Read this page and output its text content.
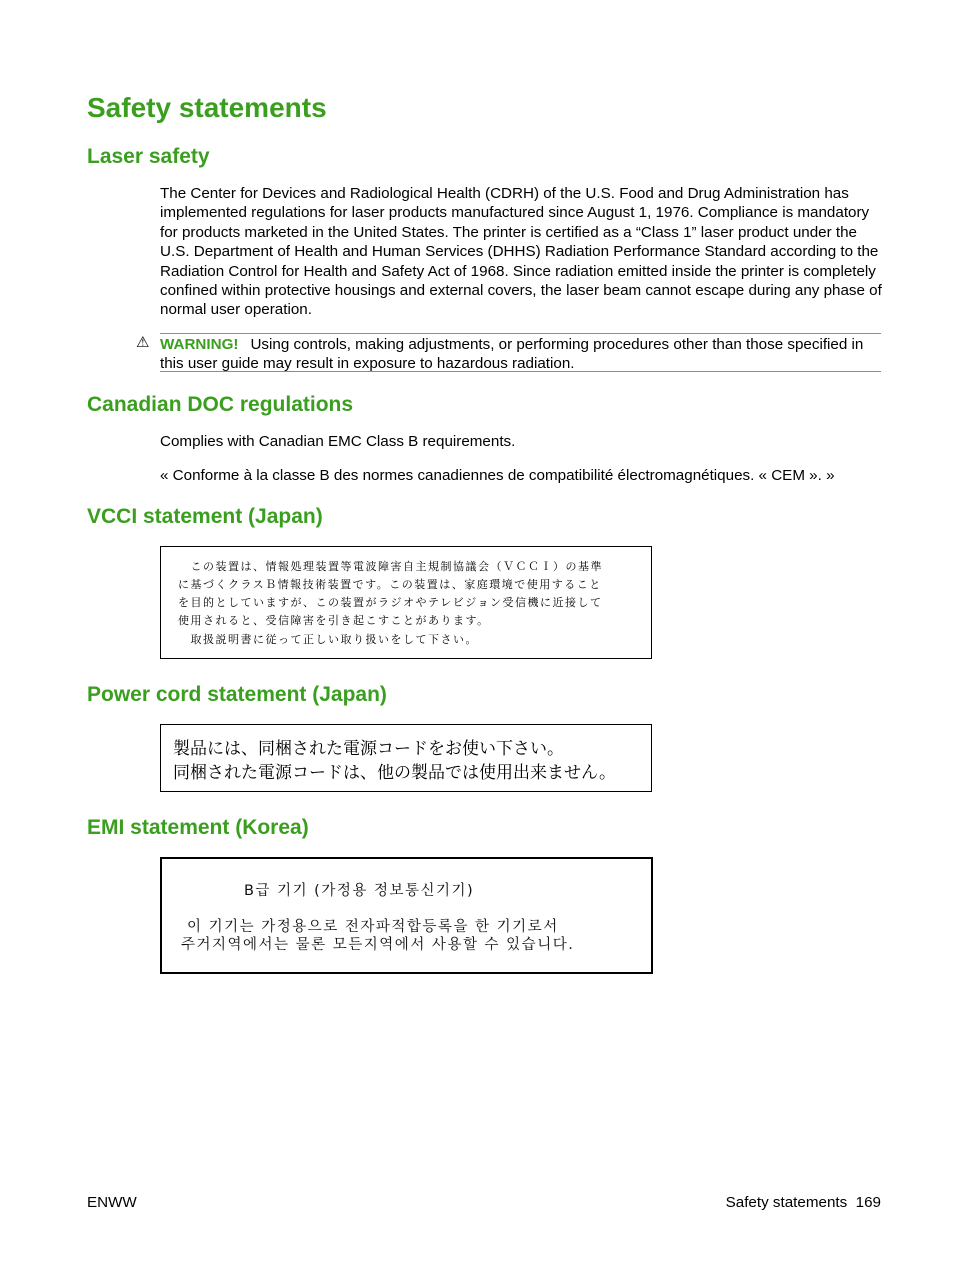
Safety statements
Laser safety

The Center for Devices and Radiological Health (CDRH) of the U.S. Food and Drug Administration has implemented regulations for laser products manufactured since August 1, 1976. Compliance is mandatory for products marketed in the United States. The printer is certified as a “Class 1” laser product under the U.S. Department of Health and Human Services (DHHS) Radiation Performance Standard according to the Radiation Control for Health and Safety Act of 1968. Since radiation emitted inside the printer is completely confined within protective housings and external covers, the laser beam cannot escape during any phase of normal user operation.

⚠ WARNING! Using controls, making adjustments, or performing procedures other than those specified in this user guide may result in exposure to hazardous radiation.

Canadian DOC regulations

Complies with Canadian EMC Class B requirements.

« Conforme à la classe B des normes canadiennes de compatibilité électromagnétiques. « CEM ». »

VCCI statement (Japan)

　この装置は、情報処理装置等電波障害自主規制協議会（ＶＣＣＩ）の基準

に基づくクラスＢ情報技術装置です。この装置は、家庭環境で使用すること

を目的としていますが、この装置がラジオやテレビジョン受信機に近接して

使用されると、受信障害を引き起こすことがあります。

　取扱説明書に従って正しい取り扱いをして下さい。

Power cord statement (Japan)

製品には、同梱された電源コードをお使い下さい。

同梱された電源コードは、他の製品では使用出来ません。

EMI statement (Korea)

B급 기기 (가정용 정보통신기기)

이 기기는 가정용으로 전자파적합등록을 한 기기로서

주거지역에서는 물론 모든지역에서 사용할 수 있습니다.

ENWW	Safety statements 169
